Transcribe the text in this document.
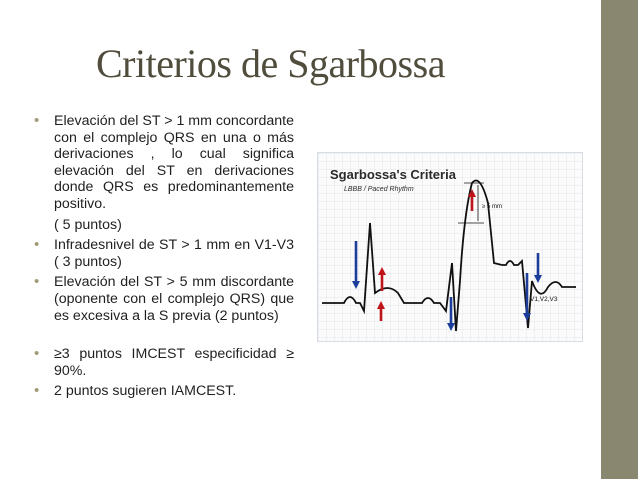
Criterios de Sgarbossa

• Elevación del ST > 1 mm concordante con el complejo QRS en una o más derivaciones , lo cual significa elevación del ST en derivaciones donde QRS es predominantemente positivo.

( 5 puntos)

• Infradesnivel de ST > 1 mm en V1-V3 ( 3 puntos)

• Elevación del ST > 5 mm discordante (oponente con el complejo QRS) que es excesiva a la S previa (2 puntos)

• ≥3 puntos IMCEST especificidad ≥ 90%.

• 2 puntos sugieren IAMCEST.

Sgarbossa's Criteria
LBBB / Paced Rhythm
≥ 5 mm
V1,V2,V3
